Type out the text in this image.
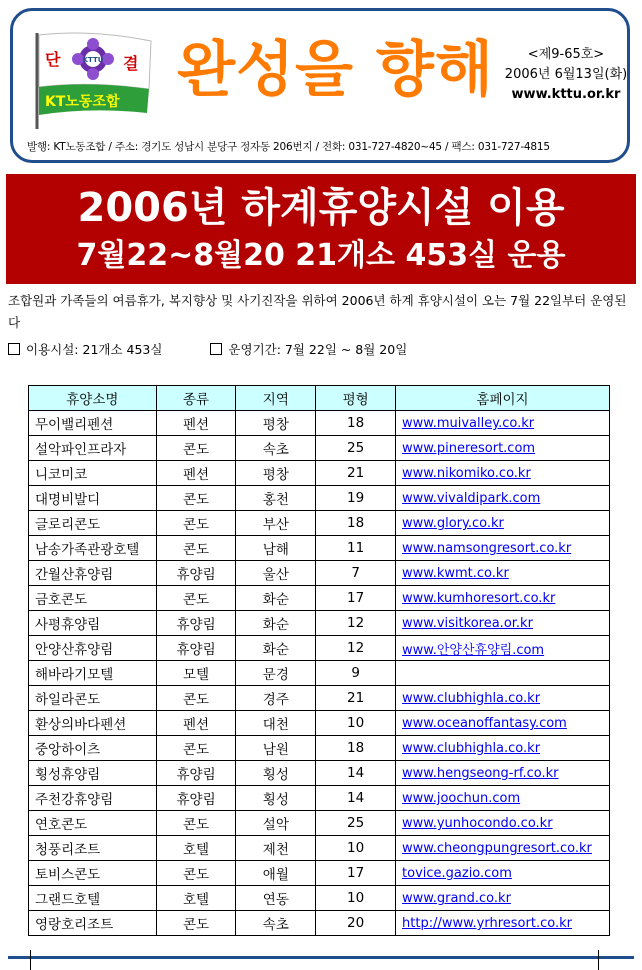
단	결
KTTU
KT노동조합 완성을 향해	<제9-65호>
2006년 6월13일(화)
www.kttu.or.kr
발행: KT노동조합 / 주소: 경기도 성남시 분당구 정자동 206번지 / 전화: 031-727-4820~45 / 팩스: 031-727-4815
2006년 하계휴양시설 이용
7월22~8월20 21개소 453실 운용
조합원과 가족들의 여름휴가, 복지향상 및 사기진작을 위하여 2006년 하계 휴양시설이 오는 7월 22일부터 운영된다
이용시설: 21개소 453실	운영기간: 7월 22일 ~ 8월 20일
휴양소명	종류	지역	평형	홈페이지
무이밸리펜션	펜션	평창	18	www.muivalley.co.kr
설악파인프라자	콘도	속초	25	www.pineresort.com
니코미코	펜션	평창	21	www.nikomiko.co.kr
대명비발디	콘도	홍천	19	www.vivaldipark.com
글로리콘도	콘도	부산	18	www.glory.co.kr
남송가족관광호텔	콘도	남해	11	www.namsongresort.co.kr
간월산휴양림	휴양림	울산	7	www.kwmt.co.kr
금호콘도	콘도	화순	17	www.kumhoresort.co.kr
사평휴양림	휴양림	화순	12	www.visitkorea.or.kr
안양산휴양림	휴양림	화순	12	www.안양산휴양림.com
해바라기모텔	모텔	문경	9	
하일라콘도	콘도	경주	21	www.clubhighla.co.kr
환상의바다펜션	펜션	대천	10	www.oceanoffantasy.com
중앙하이츠	콘도	남원	18	www.clubhighla.co.kr
횡성휴양림	휴양림	횡성	14	www.hengseong-rf.co.kr
주천강휴양림	휴양림	횡성	14	www.joochun.com
연호콘도	콘도	설악	25	www.yunhocondo.co.kr
청풍리조트	호텔	제천	10	www.cheongpungresort.co.kr
토비스콘도	콘도	애월	17	tovice.gazio.com
그랜드호텔	호텔	연동	10	www.grand.co.kr
영랑호리조트	콘도	속초	20	http://www.yrhresort.co.kr
